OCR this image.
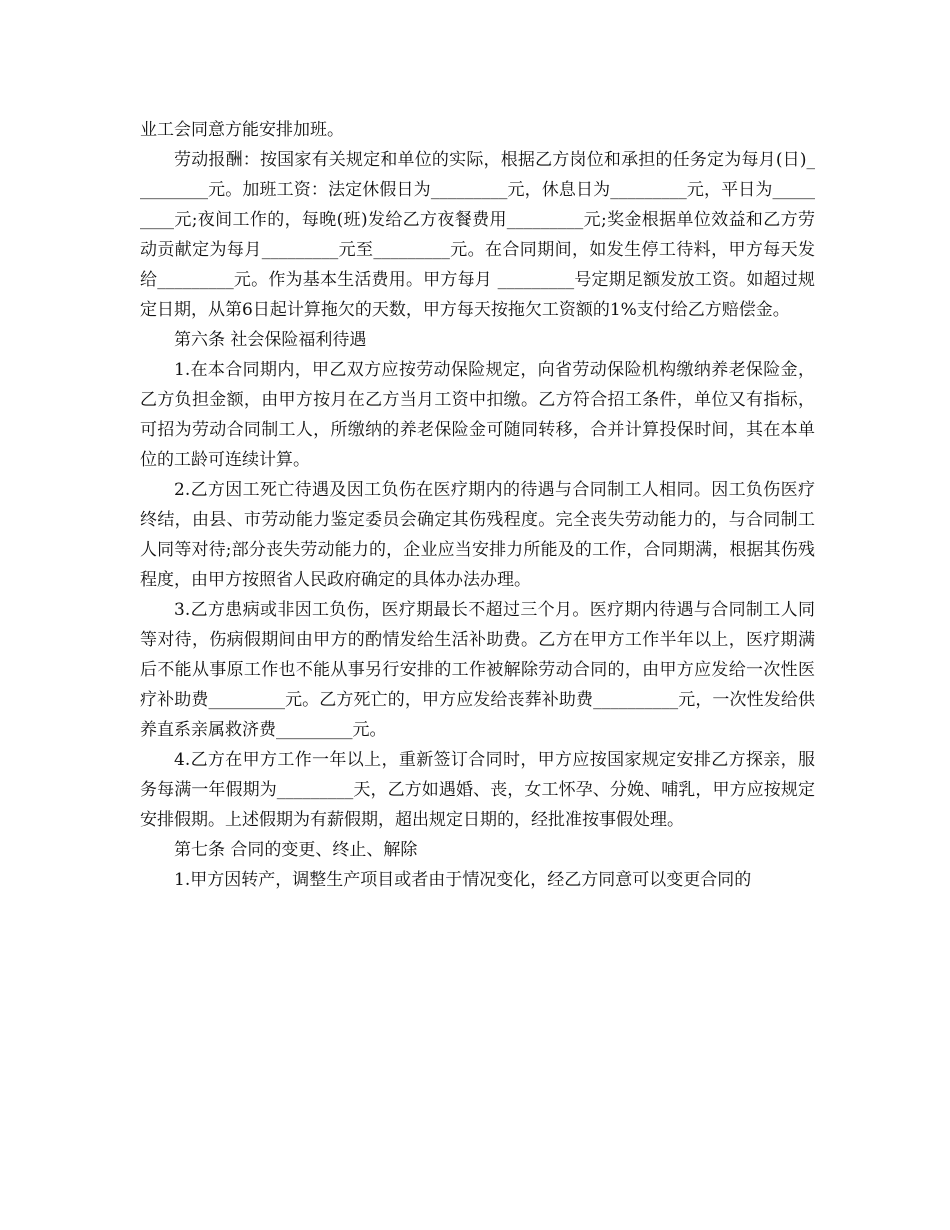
业工会同意方能安排加班。

劳动报酬：按国家有关规定和单位的实际，根据乙方岗位和承担的任务定为每月(日)_________元。加班工资：法定休假日为_________元，休息日为_________元，平日为_________元;夜间工作的，每晚(班)发给乙方夜餐费用_________元;奖金根据单位效益和乙方劳动贡献定为每月_________元至_________元。在合同期间，如发生停工待料，甲方每天发给_________元。作为基本生活费用。甲方每月 _________号定期足额发放工资。如超过规定日期，从第6日起计算拖欠的天数，甲方每天按拖欠工资额的1%支付给乙方赔偿金。

第六条 社会保险福利待遇

1.在本合同期内，甲乙双方应按劳动保险规定，向省劳动保险机构缴纳养老保险金，乙方负担金额，由甲方按月在乙方当月工资中扣缴。乙方符合招工条件，单位又有指标，可招为劳动合同制工人，所缴纳的养老保险金可随同转移，合并计算投保时间，其在本单位的工龄可连续计算。

2.乙方因工死亡待遇及因工负伤在医疗期内的待遇与合同制工人相同。因工负伤医疗终结，由县、市劳动能力鉴定委员会确定其伤残程度。完全丧失劳动能力的，与合同制工人同等对待;部分丧失劳动能力的，企业应当安排力所能及的工作，合同期满，根据其伤残程度，由甲方按照省人民政府确定的具体办法办理。

3.乙方患病或非因工负伤，医疗期最长不超过三个月。医疗期内待遇与合同制工人同等对待，伤病假期间由甲方的酌情发给生活补助费。乙方在甲方工作半年以上，医疗期满后不能从事原工作也不能从事另行安排的工作被解除劳动合同的，由甲方应发给一次性医疗补助费_________元。乙方死亡的，甲方应发给丧葬补助费__________元，一次性发给供养直系亲属救济费_________元。

4.乙方在甲方工作一年以上，重新签订合同时，甲方应按国家规定安排乙方探亲，服务每满一年假期为_________天，乙方如遇婚、丧，女工怀孕、分娩、哺乳，甲方应按规定安排假期。上述假期为有薪假期，超出规定日期的，经批准按事假处理。

第七条 合同的变更、终止、解除

1.甲方因转产，调整生产项目或者由于情况变化，经乙方同意可以变更合同的
